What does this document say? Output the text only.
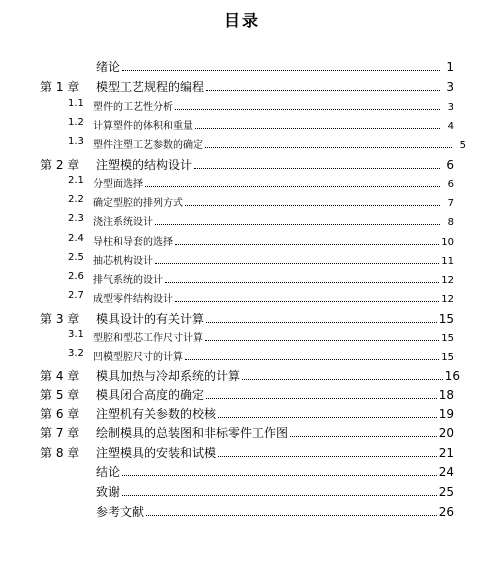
目录
绪论	1
第 1 章 模型工艺规程的编程	3
1.1 塑件的工艺性分析	3
1.2 计算塑件的体积和重量	4
1.3 塑件注塑工艺参数的确定	5
第 2 章 注塑模的结构设计	6
2.1 分型面选择	6
2.2 确定型腔的排列方式	7
2.3 浇注系统设计	8
2.4 导柱和导套的选择	10
2.5 抽芯机构设计	11
2.6 排气系统的设计	12
2.7 成型零件结构设计	12
第 3 章 模具设计的有关计算	15
3.1 型腔和型芯工作尺寸计算	15
3.2 凹模型腔尺寸的计算	15
第 4 章 模具加热与冷却系统的计算	16
第 5 章 模具闭合高度的确定	18
第 6 章 注塑机有关参数的校核	19
第 7 章 绘制模具的总装图和非标零件工作图	20
第 8 章 注塑模具的安装和试模	21
结论	24
致谢	25
参考文献	26
